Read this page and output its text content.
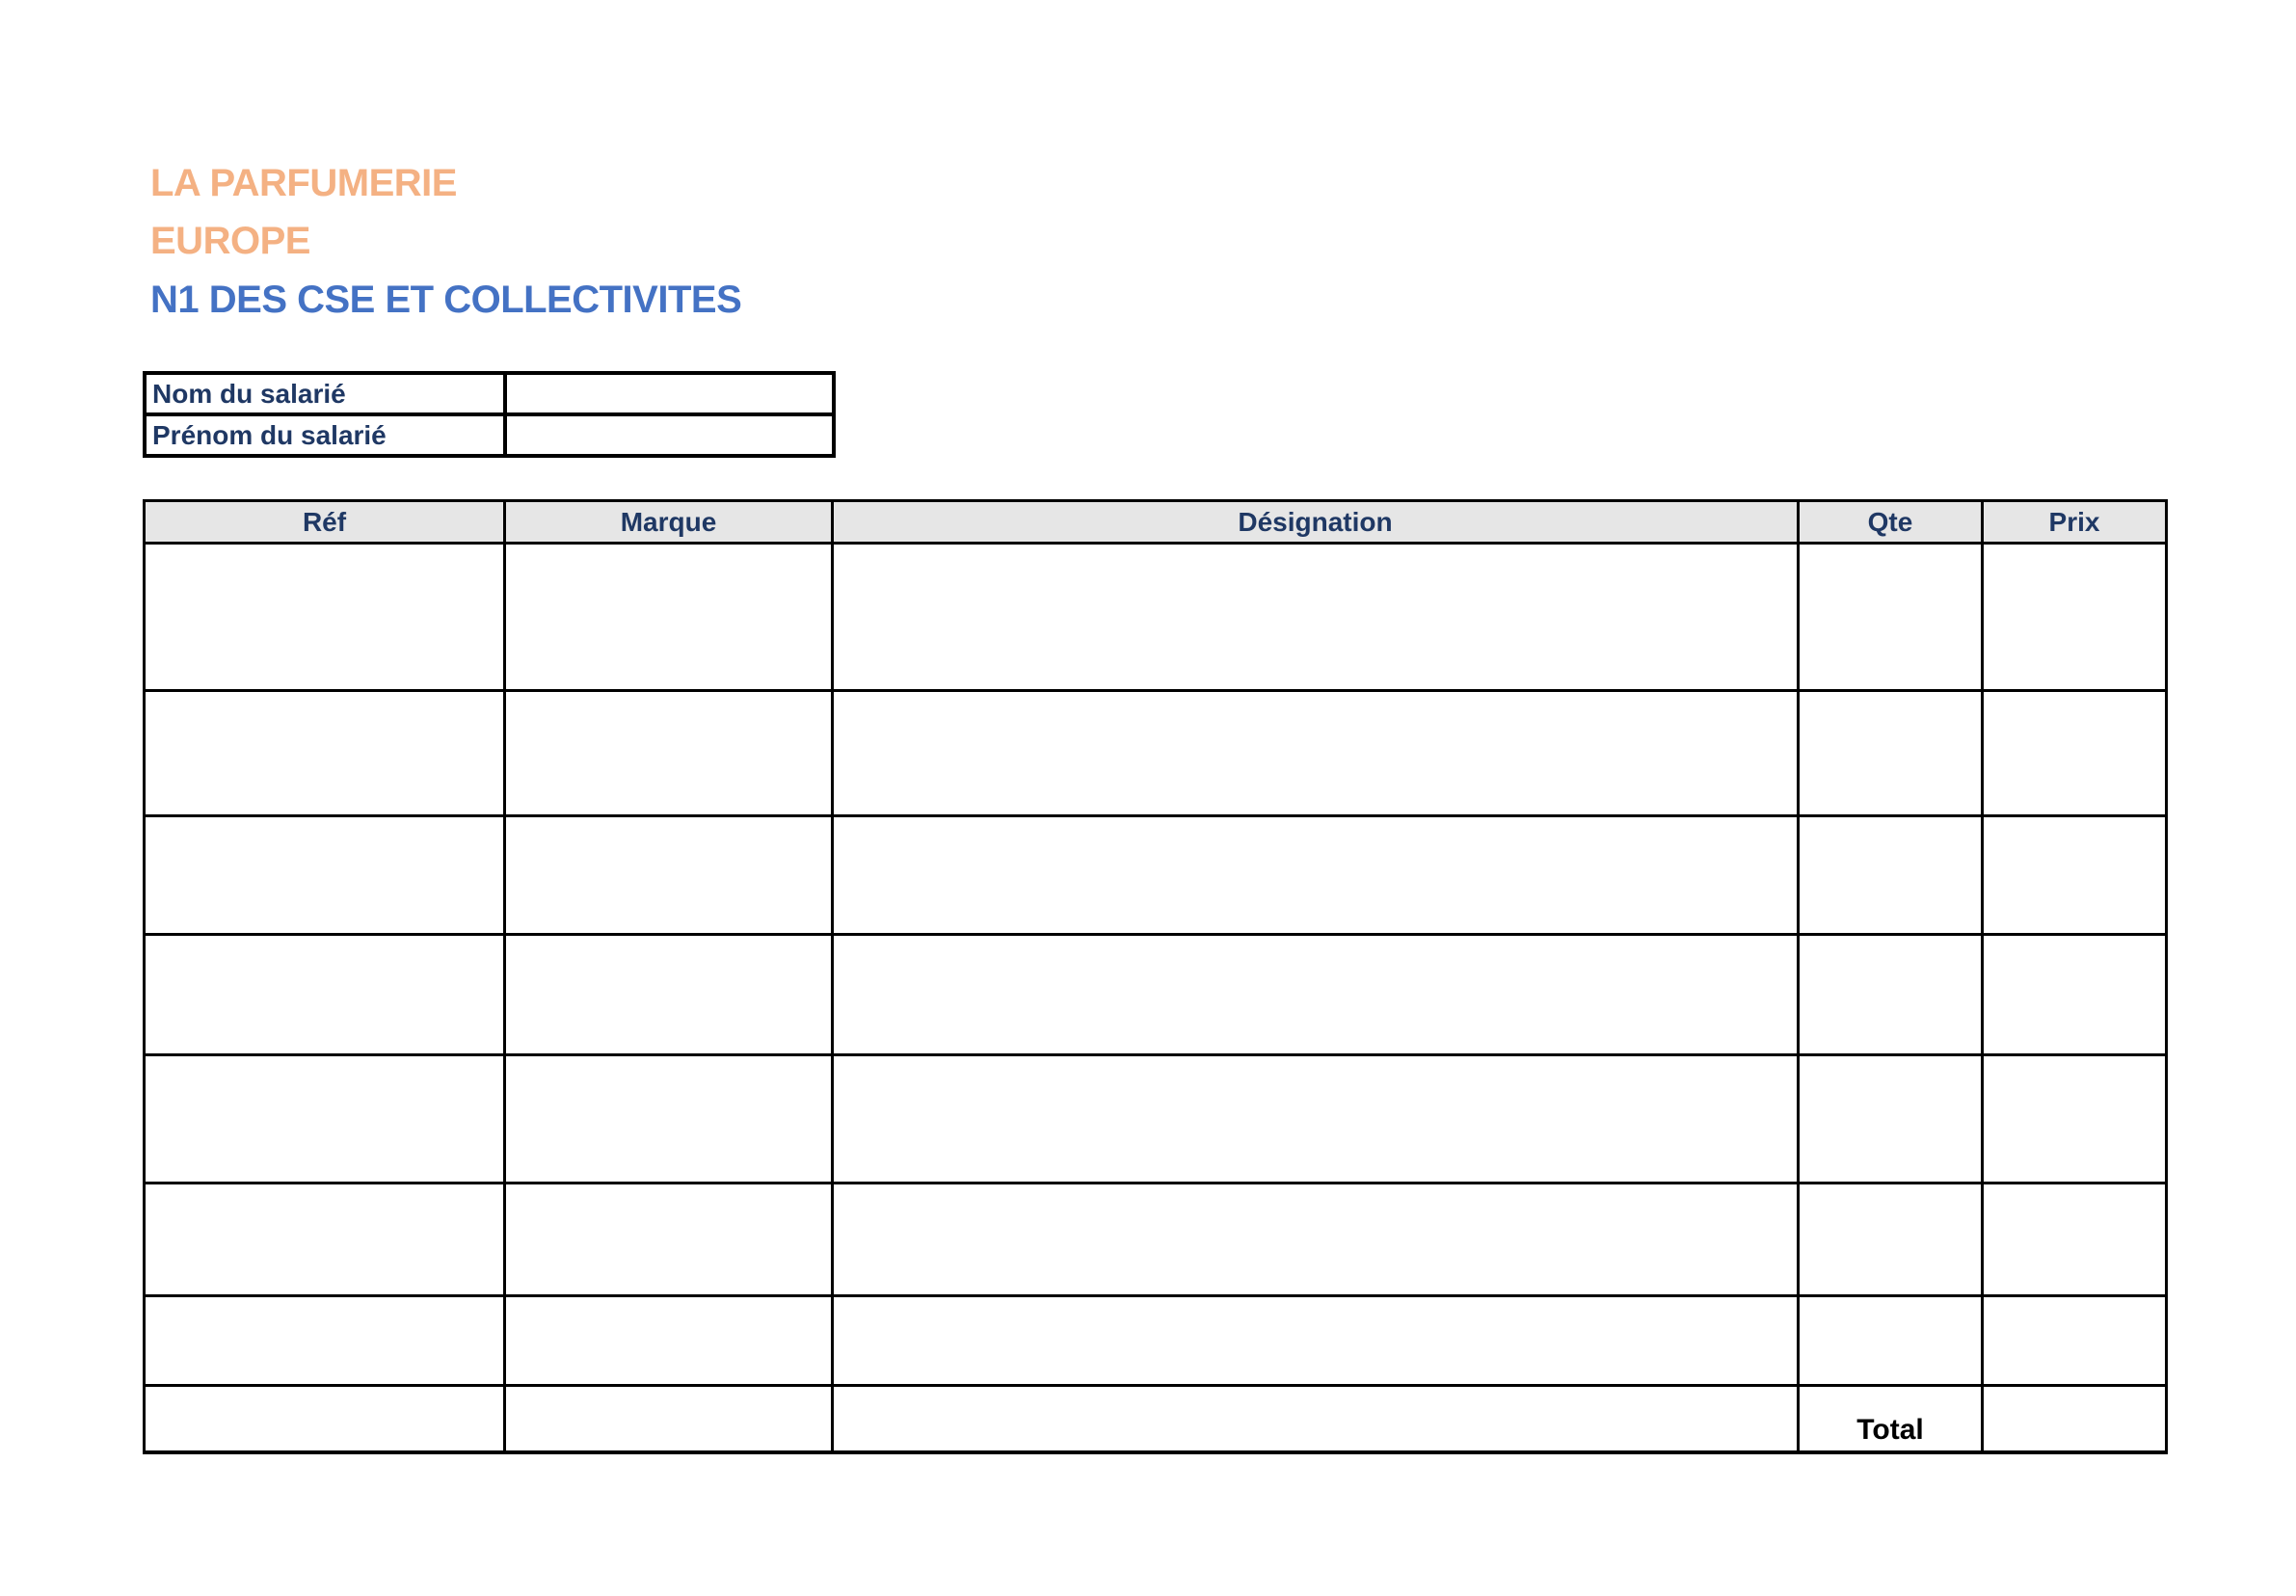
LA PARFUMERIE

EUROPE

N1 DES CSE ET COLLECTIVITES

Nom du salarié	
Prénom du salarié	
Réf	Marque	Désignation	Qte	Prix

			Total	
